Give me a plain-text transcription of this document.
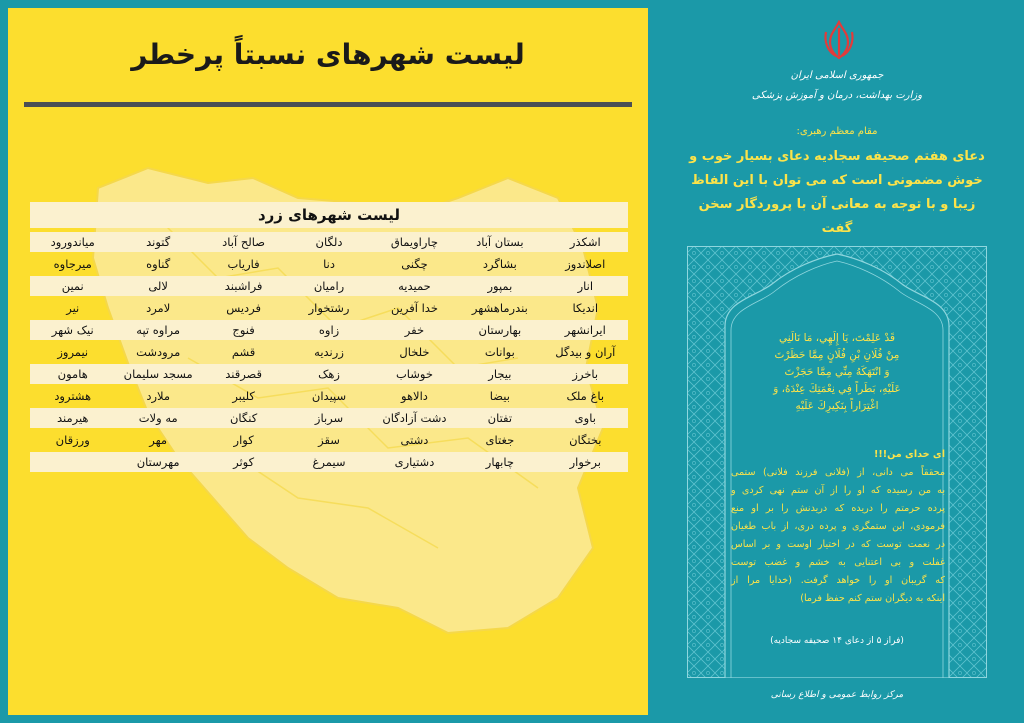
لیست شهرهای نسبتاً پرخطر
لیست شهرهای زرد
اشکذر	بستان آباد	چاراویماق	دلگان	صالح آباد	گتوند	میاندورود
اصلاندوز	بشاگرد	چگنی	دنا	فاریاب	گناوه	میرجاوه
انار	بمپور	حمیدیه	رامیان	فراشبند	لالی	نمین
اندیکا	بندرماهشهر	خدا آفرین	رشتخوار	فردیس	لامرد	نیر
ایرانشهر	بهارستان	خفر	زاوه	فنوج	مراوه تپه	نیک شهر
آران و بیدگل	بوانات	خلخال	زرندیه	قشم	مرودشت	نیمروز
باخرز	بیجار	خوشاب	زهک	قصرقند	مسجد سلیمان	هامون
باغ ملک	بیضا	دالاهو	سپیدان	کلیبر	ملارد	هشترود
باوی	تفتان	دشت آزادگان	سرباز	کنگان	مه ولات	هیرمند
بختگان	جغتای	دشتی	سقز	کوار	مهر	ورزقان
برخوار	چابهار	دشتیاری	سیمرغ	کوثر	مهرستان	
جمهوری اسلامی ایران
وزارت بهداشت، درمان و آموزش پزشکی
مقام معظم رهبری:
دعای هفتم صحیفه سجادیه دعای بسیار خوب و خوش مضمونی است که می توان با این الفاظ زیبا و با توجه به معانی آن با پروردگار سخن گفت
قَدْ عَلِمْتَ، يَا إِلَهِي، مَا نَالَنِي
مِنْ فُلَانِ بْنِ فُلَانٍ مِمَّا حَظَرْتَ
وَ انْتَهَكَهُ مِنِّي مِمَّا حَجَزْتَ
عَلَيْهِ، بَطَراً فِي نِعْمَتِكَ عِنْدَهُ، وَ
اغْتِرَاراً بِنَكِيرِكَ عَلَيْهِ
ای خدای من!!!
محققاً می دانی، از (فلانی فرزند فلانی) ستمی
به من رسیده که او را از آن ستم نهی کردی و
پرده حرمتم را دریده که دریدنش را بر او منع
فرمودی، این ستمگری و پرده دری، از باب طغیان
در نعمت توست که در اختیار اوست و بر اساس
غفلت و بی اعتنایی به خشم و غضب توست
که گریبان او را خواهد گرفت. (خدایا مرا از
اینکه به دیگران ستم کنم حفظ فرما)
(فراز ۵ از دعای ۱۴ صحیفه سجادیه)
مرکز روابط عمومی و اطلاع رسانی
